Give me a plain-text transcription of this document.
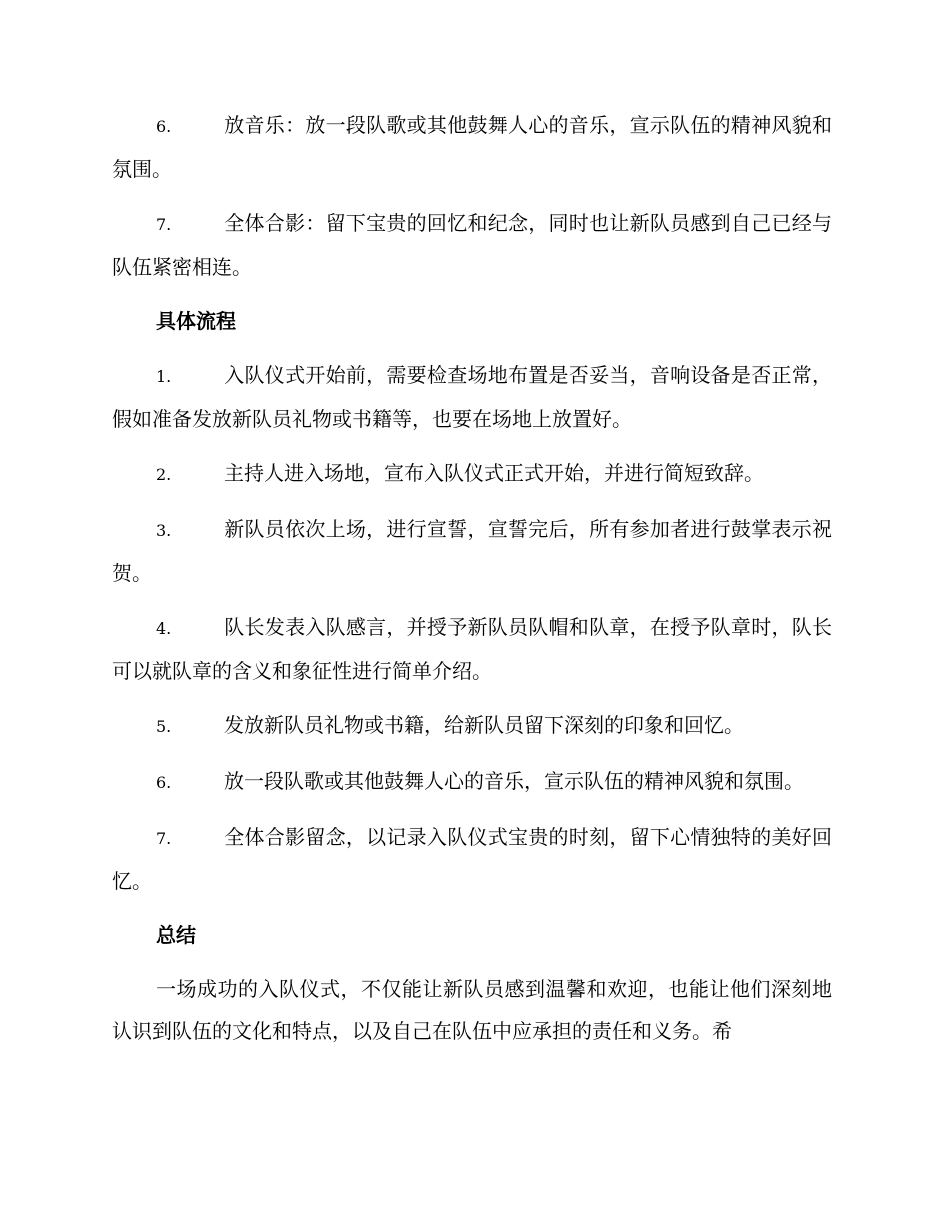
6.	放音乐：放一段队歌或其他鼓舞人心的音乐，宣示队伍的精神风貌和氛围。

7.	全体合影：留下宝贵的回忆和纪念，同时也让新队员感到自己已经与队伍紧密相连。

具体流程

1.	入队仪式开始前，需要检查场地布置是否妥当，音响设备是否正常，假如准备发放新队员礼物或书籍等，也要在场地上放置好。

2.	主持人进入场地，宣布入队仪式正式开始，并进行简短致辞。

3.	新队员依次上场，进行宣誓，宣誓完后，所有参加者进行鼓掌表示祝贺。

4.	队长发表入队感言，并授予新队员队帽和队章，在授予队章时，队长可以就队章的含义和象征性进行简单介绍。

5.	发放新队员礼物或书籍，给新队员留下深刻的印象和回忆。

6.	放一段队歌或其他鼓舞人心的音乐，宣示队伍的精神风貌和氛围。

7.	全体合影留念，以记录入队仪式宝贵的时刻，留下心情独特的美好回忆。

总结

一场成功的入队仪式，不仅能让新队员感到温馨和欢迎，也能让他们深刻地认识到队伍的文化和特点，以及自己在队伍中应承担的责任和义务。希
